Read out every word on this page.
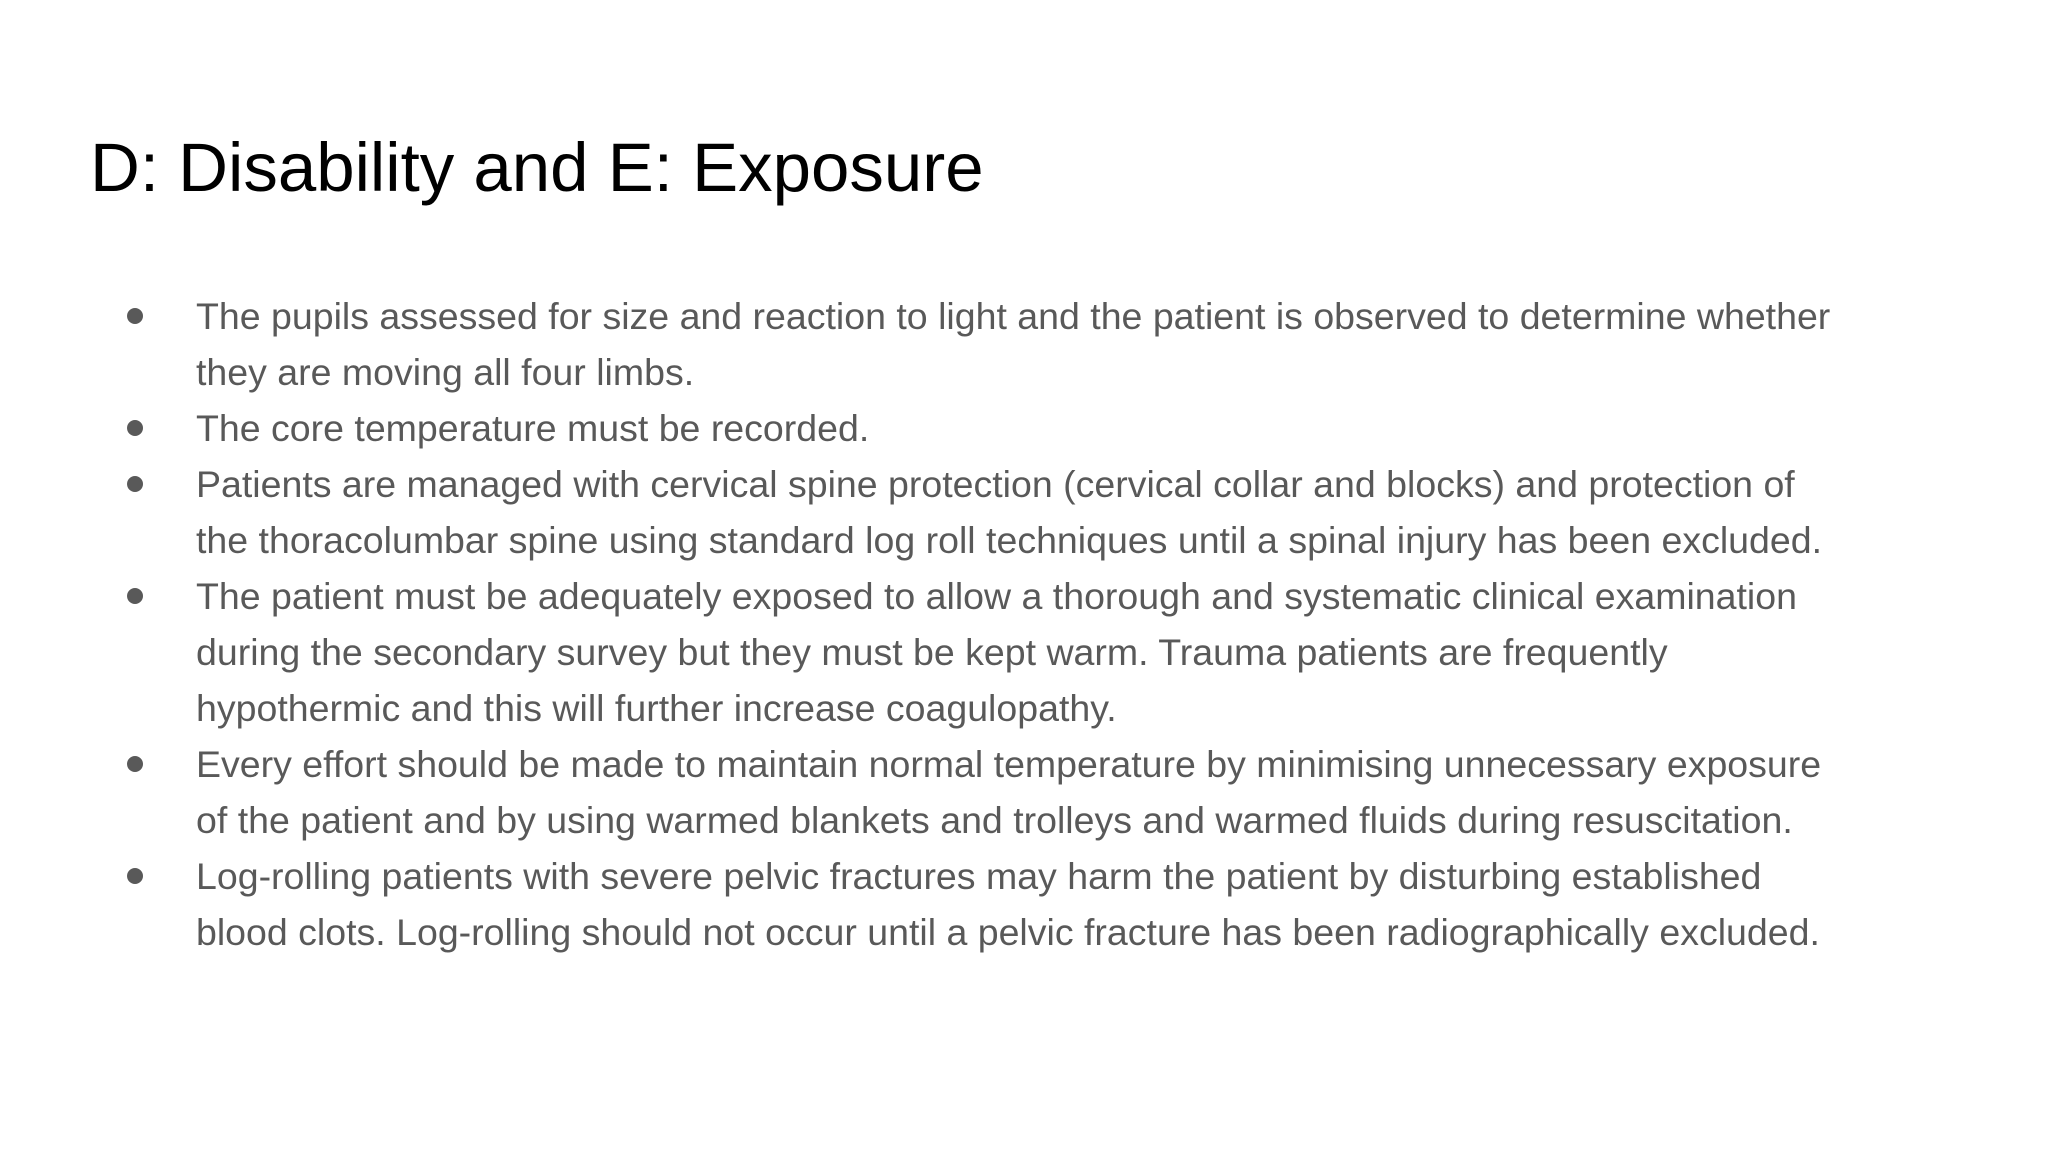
D: Disability and E: Exposure
The pupils assessed for size and reaction to light and the patient is observed to determine whether
they are moving all four limbs.
The core temperature must be recorded.
Patients are managed with cervical spine protection (cervical collar and blocks) and protection of
the thoracolumbar spine using standard log roll techniques until a spinal injury has been excluded.
The patient must be adequately exposed to allow a thorough and systematic clinical examination
during the secondary survey but they must be kept warm. Trauma patients are frequently
hypothermic and this will further increase coagulopathy.
Every effort should be made to maintain normal temperature by minimising unnecessary exposure
of the patient and by using warmed blankets and trolleys and warmed fluids during resuscitation.
Log-rolling patients with severe pelvic fractures may harm the patient by disturbing established
blood clots. Log-rolling should not occur until a pelvic fracture has been radiographically excluded.
